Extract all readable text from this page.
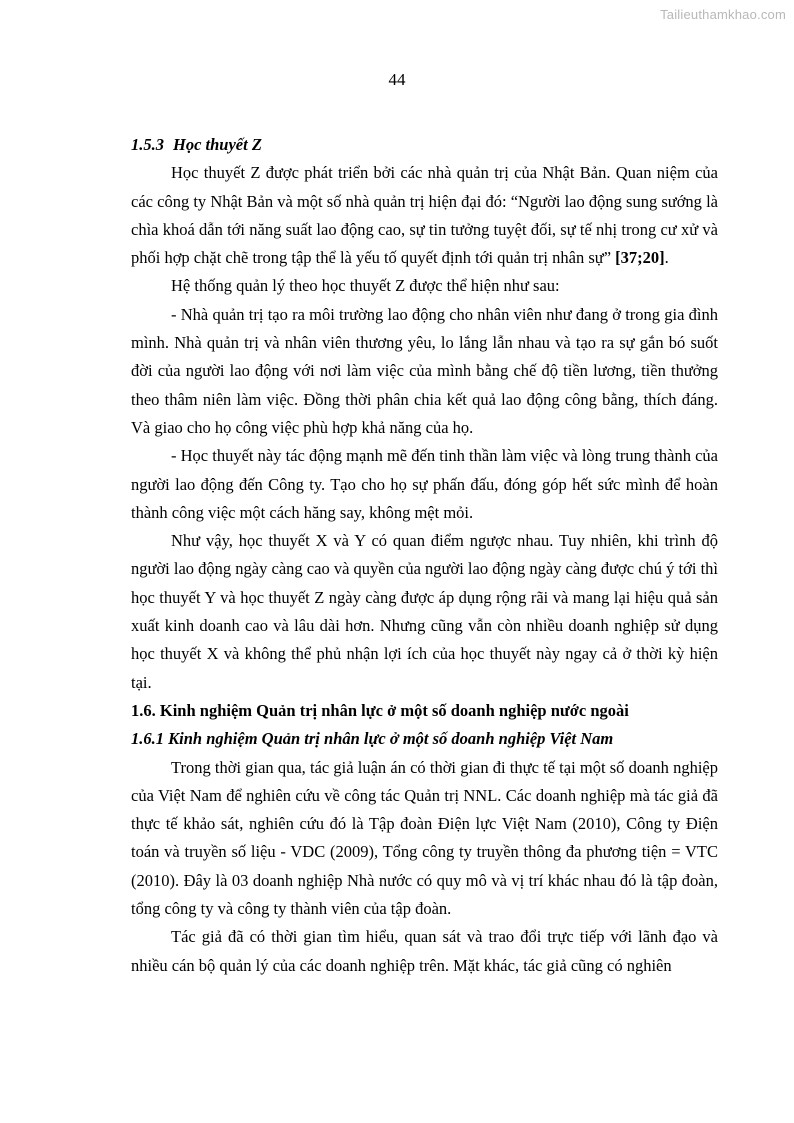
Tailieuthamkhao.com
44
1.5.3 Học thuyết Z

Học thuyết Z được phát triển bởi các nhà quản trị của Nhật Bản. Quan niệm của các công ty Nhật Bản và một số nhà quản trị hiện đại đó: “Người lao động sung sướng là chìa khoá dẫn tới năng suất lao động cao, sự tin tưởng tuyệt đối, sự tế nhị trong cư xử và phối hợp chặt chẽ trong tập thể là yếu tố quyết định tới quản trị nhân sự” [37;20].

Hệ thống quản lý theo học thuyết Z được thể hiện như sau:

- Nhà quản trị tạo ra môi trường lao động cho nhân viên như đang ở trong gia đình mình. Nhà quản trị và nhân viên thương yêu, lo lắng lẫn nhau và tạo ra sự gắn bó suốt đời của người lao động với nơi làm việc của mình bằng chế độ tiền lương, tiền thưởng theo thâm niên làm việc. Đồng thời phân chia kết quả lao động công bằng, thích đáng. Và giao cho họ công việc phù hợp khả năng của họ.

- Học thuyết này tác động mạnh mẽ đến tinh thần làm việc và lòng trung thành của người lao động đến Công ty. Tạo cho họ sự phấn đấu, đóng góp hết sức mình để hoàn thành công việc một cách hăng say, không mệt mỏi.

Như vậy, học thuyết X và Y có quan điểm ngược nhau. Tuy nhiên, khi trình độ người lao động ngày càng cao và quyền của người lao động ngày càng được chú ý tới thì học thuyết Y và học thuyết Z ngày càng được áp dụng rộng rãi và mang lại hiệu quả sản xuất kinh doanh cao và lâu dài hơn. Nhưng cũng vẫn còn nhiều doanh nghiệp sử dụng học thuyết X và không thể phủ nhận lợi ích của học thuyết này ngay cả ở thời kỳ hiện tại.

1.6. Kinh nghiệm Quản trị nhân lực ở một số doanh nghiệp nước ngoài
1.6.1 Kinh nghiệm Quản trị nhân lực ở một số doanh nghiệp Việt Nam

Trong thời gian qua, tác giả luận án có thời gian đi thực tế tại một số doanh nghiệp của Việt Nam để nghiên cứu về công tác Quản trị NNL. Các doanh nghiệp mà tác giả đã thực tế khảo sát, nghiên cứu đó là Tập đoàn Điện lực Việt Nam (2010), Công ty Điện toán và truyền số liệu - VDC (2009), Tổng công ty truyền thông đa phương tiện = VTC (2010). Đây là 03 doanh nghiệp Nhà nước có quy mô và vị trí khác nhau đó là tập đoàn, tổng công ty và công ty thành viên của tập đoàn.

Tác giả đã có thời gian tìm hiểu, quan sát và trao đổi trực tiếp với lãnh đạo và nhiều cán bộ quản lý của các doanh nghiệp trên. Mặt khác, tác giả cũng có nghiên
